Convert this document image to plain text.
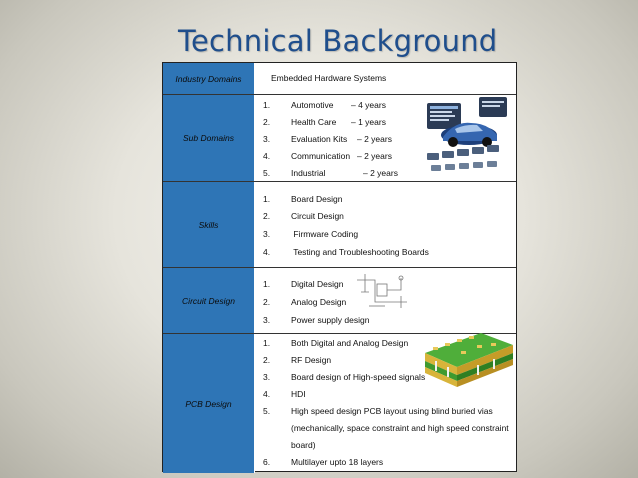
Technical Background
Industry Domains	Embedded Hardware Systems
Sub Domains
1.	Automotive	– 4 years
2.	Health Care	– 1 years
3.	Evaluation Kits	– 2 years
4.	Communication – 2 years
5.	Industrial	– 2 years
Skills
1.	Board Design
2.	Circuit Design
3.	Firmware Coding
4.	Testing and Troubleshooting Boards
Circuit Design
1.	Digital Design
2.	Analog Design
3.	Power supply design
PCB Design
1.	Both Digital and Analog Design
2.	RF Design
3.	Board design of High-speed signals
4.	HDI
5.	High speed design PCB layout using blind buried vias
(mechanically, space constraint and high speed constraint
board)
6.	Multilayer upto 18 layers
